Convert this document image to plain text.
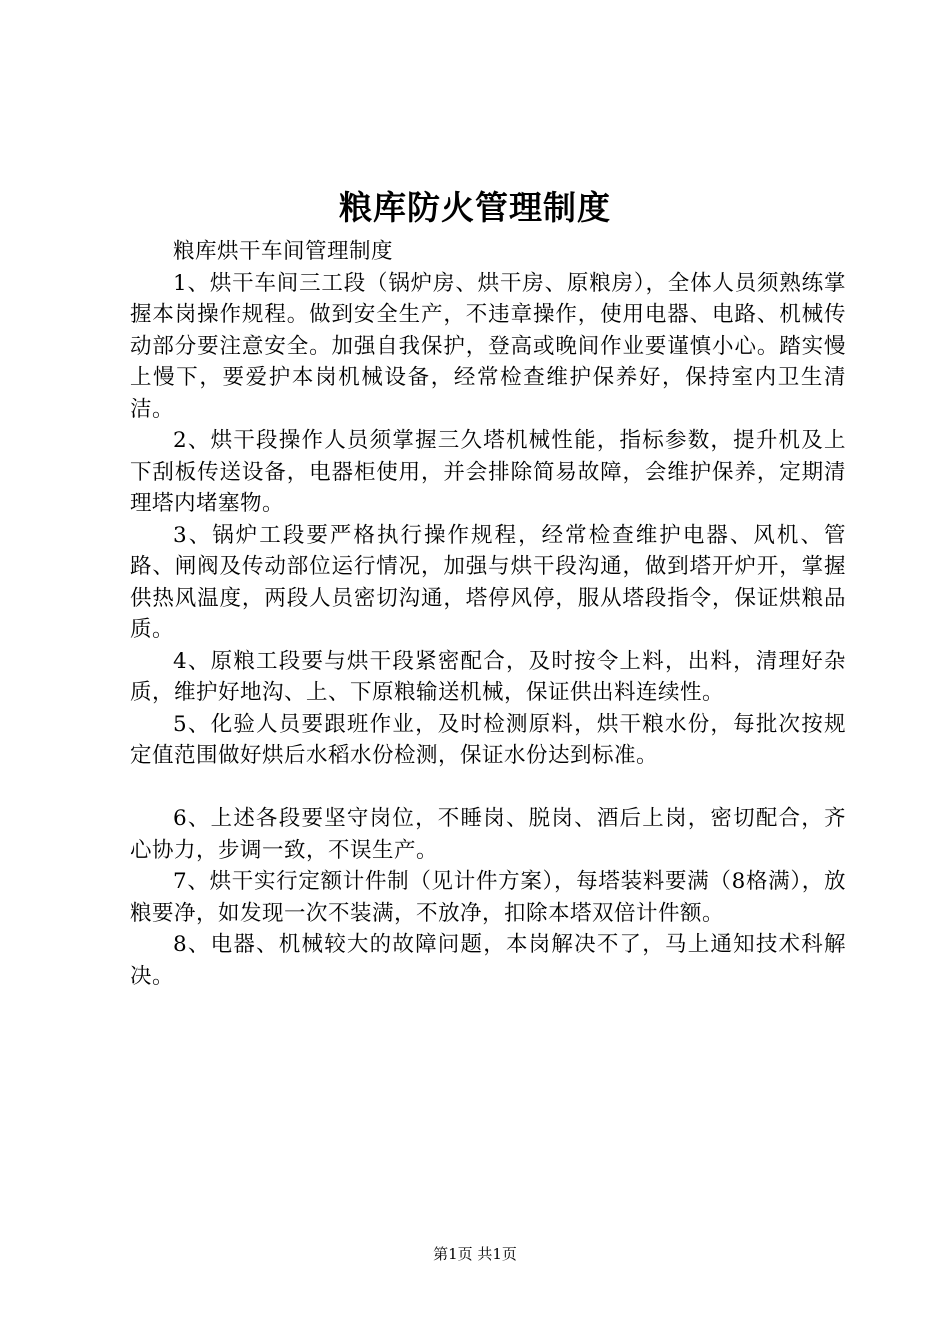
粮库防火管理制度

粮库烘干车间管理制度

1、烘干车间三工段（锅炉房、烘干房、原粮房），全体人员须熟练掌握本岗操作规程。做到安全生产，不违章操作，使用电器、电路、机械传动部分要注意安全。加强自我保护，登高或晚间作业要谨慎小心。踏实慢上慢下，要爱护本岗机械设备，经常检查维护保养好，保持室内卫生清洁。

2、烘干段操作人员须掌握三久塔机械性能，指标参数，提升机及上下刮板传送设备，电器柜使用，并会排除简易故障，会维护保养，定期清理塔内堵塞物。

3、锅炉工段要严格执行操作规程，经常检查维护电器、风机、管路、闸阀及传动部位运行情况，加强与烘干段沟通，做到塔开炉开，掌握供热风温度，两段人员密切沟通，塔停风停，服从塔段指令，保证烘粮品质。

4、原粮工段要与烘干段紧密配合，及时按令上料，出料，清理好杂质，维护好地沟、上、下原粮输送机械，保证供出料连续性。

5、化验人员要跟班作业，及时检测原料，烘干粮水份，每批次按规定值范围做好烘后水稻水份检测，保证水份达到标准。

6、上述各段要坚守岗位，不睡岗、脱岗、酒后上岗，密切配合，齐心协力，步调一致，不误生产。

7、烘干实行定额计件制（见计件方案），每塔装料要满（8格满），放粮要净，如发现一次不装满，不放净，扣除本塔双倍计件额。

8、电器、机械较大的故障问题，本岗解决不了，马上通知技术科解决。

第1页 共1页
